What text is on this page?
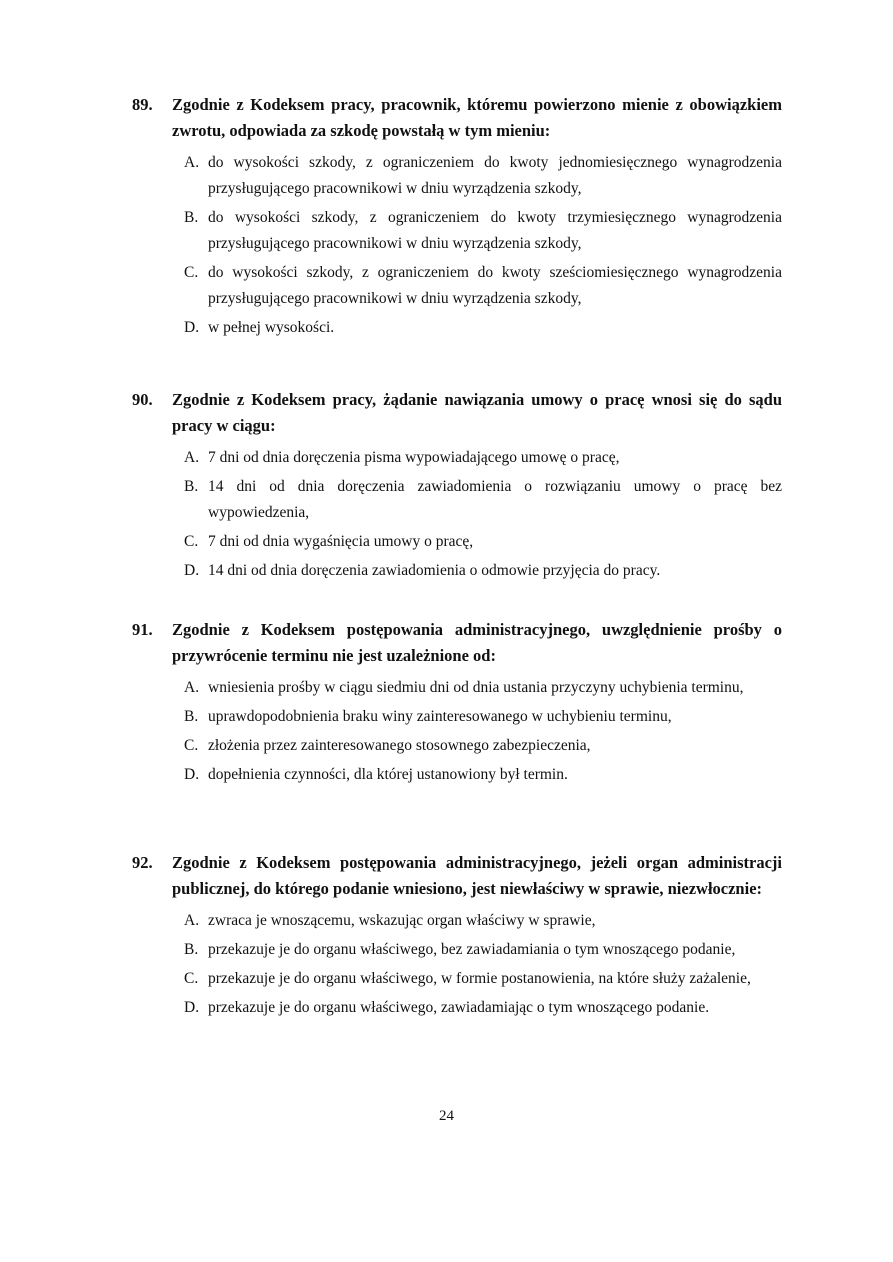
89.	Zgodnie z Kodeksem pracy, pracownik, któremu powierzono mienie z obowiązkiem zwrotu, odpowiada za szkodę powstałą w tym mieniu:
A. do wysokości szkody, z ograniczeniem do kwoty jednomiesięcznego wynagrodzenia przysługującego pracownikowi w dniu wyrządzenia szkody,
B. do wysokości szkody, z ograniczeniem do kwoty trzymiesięcznego wynagrodzenia przysługującego pracownikowi w dniu wyrządzenia szkody,
C. do wysokości szkody, z ograniczeniem do kwoty sześciomiesięcznego wynagrodzenia przysługującego pracownikowi w dniu wyrządzenia szkody,
D. w pełnej wysokości.
90.	Zgodnie z Kodeksem pracy, żądanie nawiązania umowy o pracę wnosi się do sądu pracy w ciągu:
A. 7 dni od dnia doręczenia pisma wypowiadającego umowę o pracę,
B. 14 dni od dnia doręczenia zawiadomienia o rozwiązaniu umowy o pracę bez wypowiedzenia,
C. 7 dni od dnia wygaśnięcia umowy o pracę,
D. 14 dni od dnia doręczenia zawiadomienia o odmowie przyjęcia do pracy.
91.	Zgodnie z Kodeksem postępowania administracyjnego, uwzględnienie prośby o przywrócenie terminu nie jest uzależnione od:
A. wniesienia prośby w ciągu siedmiu dni od dnia ustania przyczyny uchybienia terminu,
B. uprawdopodobnienia braku winy zainteresowanego w uchybieniu terminu,
C. złożenia przez zainteresowanego stosownego zabezpieczenia,
D. dopełnienia czynności, dla której ustanowiony był termin.
92.	Zgodnie z Kodeksem postępowania administracyjnego, jeżeli organ administracji publicznej, do którego podanie wniesiono, jest niewłaściwy w sprawie, niezwłocznie:
A. zwraca je wnoszącemu, wskazując organ właściwy w sprawie,
B. przekazuje je do organu właściwego, bez zawiadamiania o tym wnoszącego podanie,
C. przekazuje je do organu właściwego, w formie postanowienia, na które służy zażalenie,
D. przekazuje je do organu właściwego, zawiadamiając o tym wnoszącego podanie.
24
